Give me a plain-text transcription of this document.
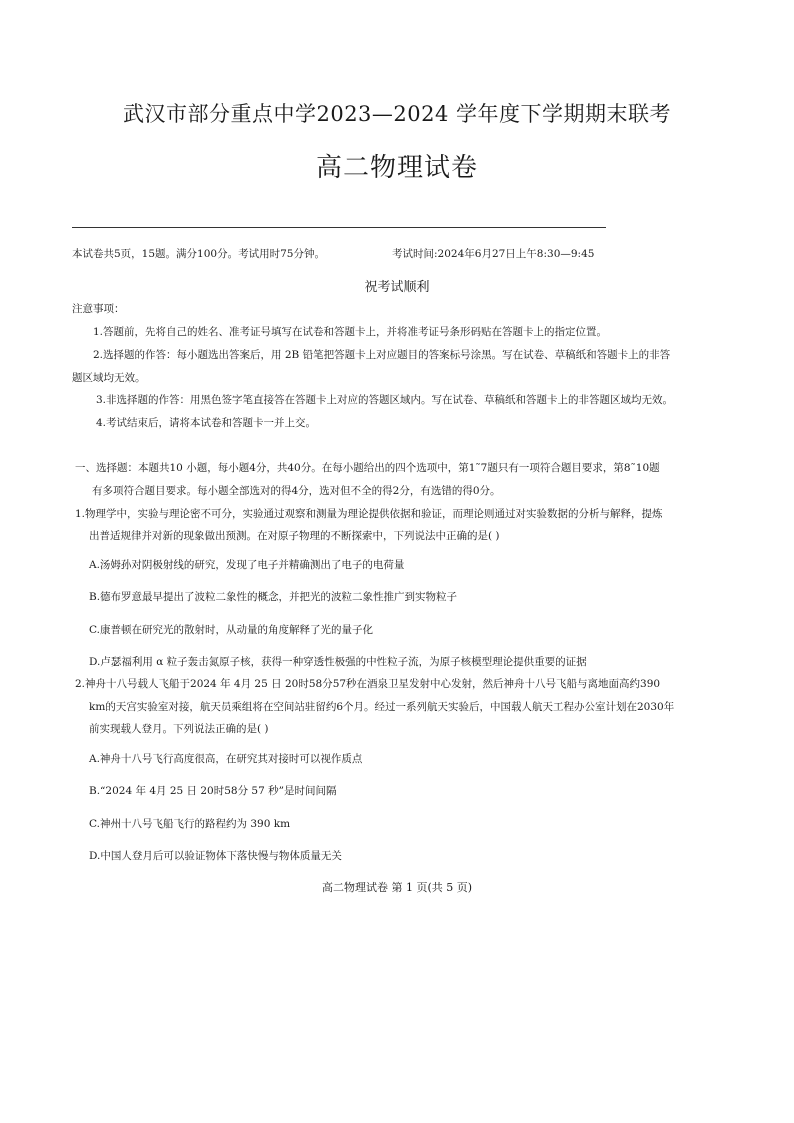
武汉市部分重点中学2023—2024 学年度下学期期末联考
高二物理试卷
本试卷共5页，15题。满分100分。考试用时75分钟。	考试时间:2024年6月27日上午8:30—9:45
祝考试顺利
注意事项：
1.答题前，先将自己的姓名、准考证号填写在试卷和答题卡上，并将准考证号条形码贴在答题卡上的指定位置。
2.选择题的作答：每小题选出答案后，用 2B 铅笔把答题卡上对应题目的答案标号涂黑。写在试卷、草稿纸和答题卡上的非答
题区域均无效。
3.非选择题的作答：用黑色签字笔直接答在答题卡上对应的答题区域内。写在试卷、草稿纸和答题卡上的非答题区域均无效。
4.考试结束后，请将本试卷和答题卡一并上交。
一、选择题：本题共10 小题，每小题4分，共40分。在每小题给出的四个选项中，第1˜7题只有一项符合题目要求，第8˜10题
有多项符合题目要求。每小题全部选对的得4分，选对但不全的得2分，有选错的得0分。
1.物理学中，实验与理论密不可分，实验通过观察和测量为理论提供依据和验证，而理论则通过对实验数据的分析与解释，提炼
出普适规律并对新的现象做出预测。在对原子物理的不断探索中，下列说法中正确的是( )
A.汤姆孙对阴极射线的研究，发现了电子并精确测出了电子的电荷量
B.德布罗意最早提出了波粒二象性的概念，并把光的波粒二象性推广到实物粒子
C.康普顿在研究光的散射时，从动量的角度解释了光的量子化
D.卢瑟福利用 α 粒子轰击氮原子核，获得一种穿透性极强的中性粒子流，为原子核模型理论提供重要的证据
2.神舟十八号载人飞船于2024 年 4月 25 日 20时58分57秒在酒泉卫星发射中心发射，然后神舟十八号飞船与离地面高约390
km的天宫实验室对接，航天员乘组将在空间站驻留约6个月。经过一系列航天实验后，中国载人航天工程办公室计划在2030年
前实现载人登月。下列说法正确的是( )
A.神舟十八号飞行高度很高，在研究其对接时可以视作质点
B.“2024 年 4月 25 日 20时58分 57 秒”是时间间隔
C.神州十八号飞船飞行的路程约为 390 km
D.中国人登月后可以验证物体下落快慢与物体质量无关
高二物理试卷 第 1 页(共 5 页)
